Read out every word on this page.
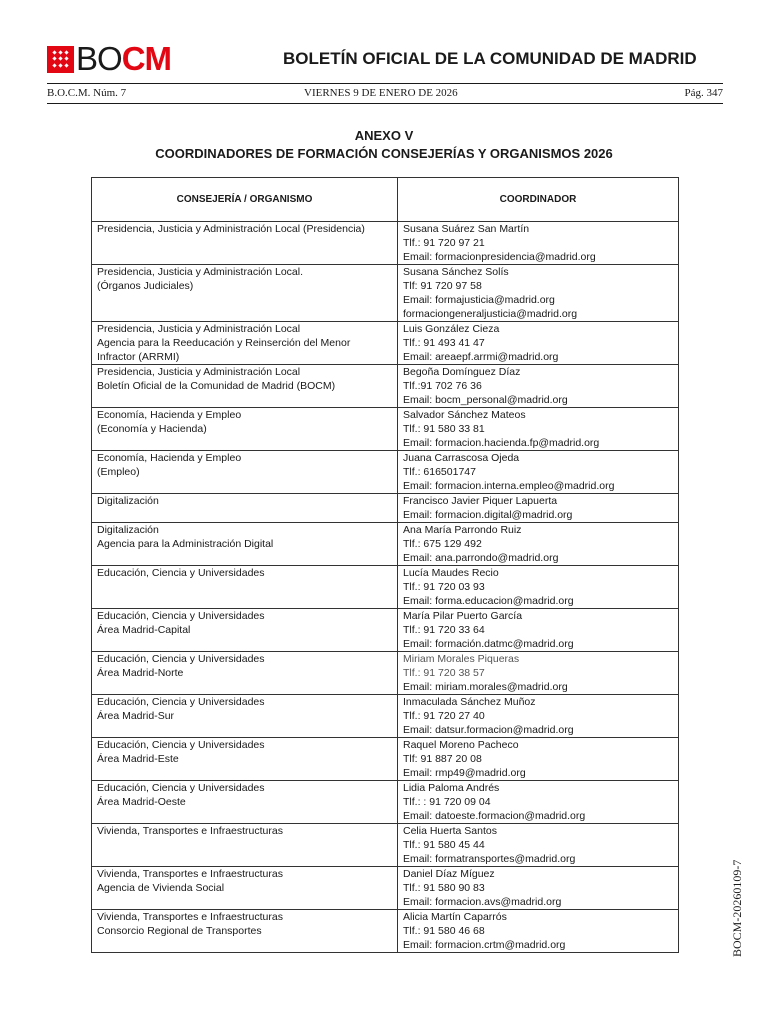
BOCM	BOLETÍN OFICIAL DE LA COMUNIDAD DE MADRID
B.O.C.M. Núm. 7	VIERNES 9 DE ENERO DE 2026	Pág. 347
ANEXO V
COORDINADORES DE FORMACIÓN CONSEJERÍAS Y ORGANISMOS 2026
CONSEJERÍA / ORGANISMO	COORDINADOR

Presidencia, Justicia y Administración Local (Presidencia)	Susana Suárez San Martín
Tlf.: 91 720 97 21
Email: formacionpresidencia@madrid.org

Presidencia, Justicia y Administración Local.
(Órganos Judiciales)	Susana Sánchez Solís
Tlf: 91 720 97 58
Email: formajusticia@madrid.org
formaciongeneraljusticia@madrid.org

Presidencia, Justicia y Administración Local
Agencia para la Reeducación y Reinserción del Menor
Infractor (ARRMI)	Luis González Cieza
Tlf.: 91 493 41 47
Email: areaepf.arrmi@madrid.org

Presidencia, Justicia y Administración Local
Boletín Oficial de la Comunidad de Madrid (BOCM)	Begoña Domínguez Díaz
Tlf.:91 702 76 36
Email: bocm_personal@madrid.org

Economía, Hacienda y Empleo
(Economía y Hacienda)	Salvador Sánchez Mateos
Tlf.: 91 580 33 81
Email: formacion.hacienda.fp@madrid.org

Economía, Hacienda y Empleo
(Empleo)	Juana Carrascosa Ojeda
Tlf.: 616501747
Email: formacion.interna.empleo@madrid.org

Digitalización	Francisco Javier Piquer Lapuerta
Email: formacion.digital@madrid.org

Digitalización
Agencia para la Administración Digital	Ana María Parrondo Ruiz
Tlf.: 675 129 492
Email: ana.parrondo@madrid.org

Educación, Ciencia y Universidades	Lucía Maudes Recio
Tlf.: 91 720 03 93
Email: forma.educacion@madrid.org

Educación, Ciencia y Universidades
Área Madrid-Capital	María Pilar Puerto García
Tlf.: 91 720 33 64
Email: formación.datmc@madrid.org

Educación, Ciencia y Universidades
Área Madrid-Norte	Miriam Morales Piqueras
Tlf.: 91 720 38 57
Email: miriam.morales@madrid.org

Educación, Ciencia y Universidades
Área Madrid-Sur	Inmaculada Sánchez Muñoz
Tlf.: 91 720 27 40
Email: datsur.formacion@madrid.org

Educación, Ciencia y Universidades
Área Madrid-Este	Raquel Moreno Pacheco
Tlf: 91 887 20 08
Email: rmp49@madrid.org

Educación, Ciencia y Universidades
Área Madrid-Oeste	Lidia Paloma Andrés
Tlf.: : 91 720 09 04
Email: datoeste.formacion@madrid.org

Vivienda, Transportes e Infraestructuras	Celia Huerta Santos
Tlf.: 91 580 45 44
Email: formatransportes@madrid.org

Vivienda, Transportes e Infraestructuras
Agencia de Vivienda Social	Daniel Díaz Míguez
Tlf.: 91 580 90 83
Email: formacion.avs@madrid.org

Vivienda, Transportes e Infraestructuras
Consorcio Regional de Transportes	Alicia Martín Caparrós
Tlf.: 91 580 46 68
Email: formacion.crtm@madrid.org	BOCM-20260109-7
